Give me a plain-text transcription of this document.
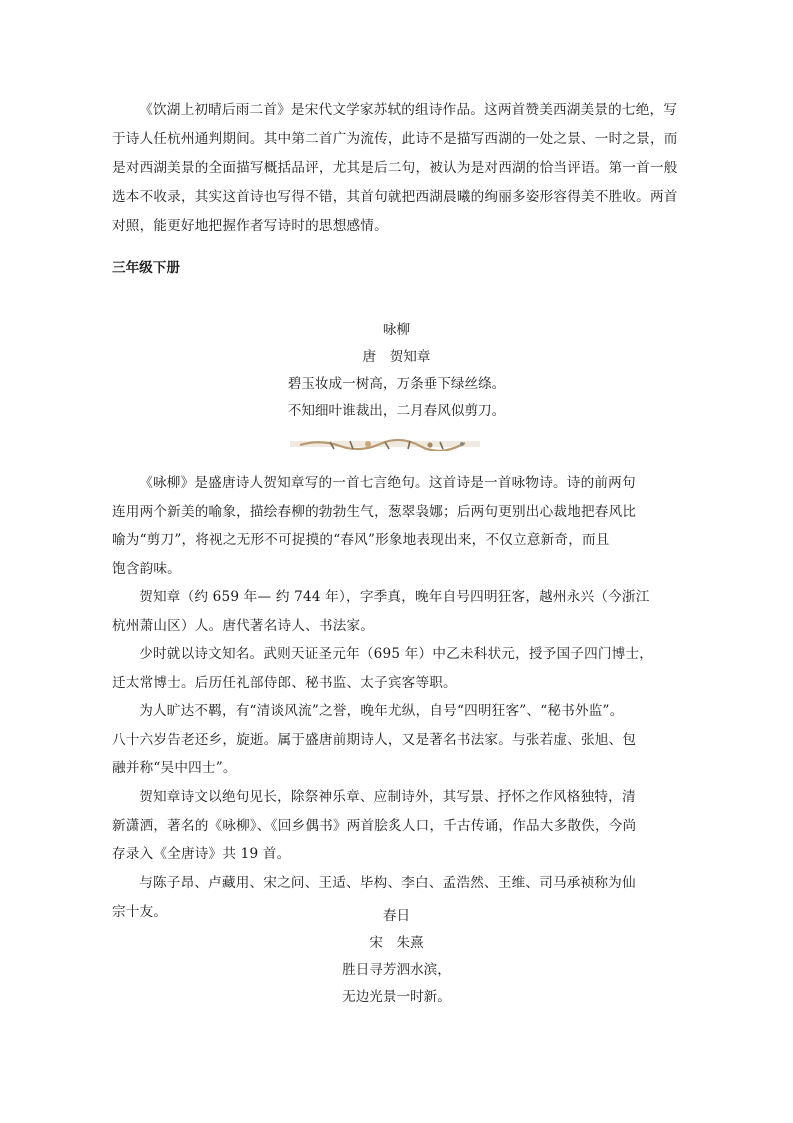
《饮湖上初晴后雨二首》是宋代文学家苏轼的组诗作品。这两首赞美西湖美景的七绝，写于诗人任杭州通判期间。其中第二首广为流传，此诗不是描写西湖的一处之景、一时之景，而是对西湖美景的全面描写概括品评，尤其是后二句，被认为是对西湖的恰当评语。第一首一般选本不收录，其实这首诗也写得不错，其首句就把西湖晨曦的绚丽多姿形容得美不胜收。两首对照，能更好地把握作者写诗时的思想感情。

三年级下册

咏柳

唐　贺知章

碧玉妆成一树高，万条垂下绿丝绦。

不知细叶谁裁出，二月春风似剪刀。

《咏柳》是盛唐诗人贺知章写的一首七言绝句。这首诗是一首咏物诗。诗的前两句
连用两个新美的喻象，描绘春柳的勃勃生气，葱翠袅娜；后两句更别出心裁地把春风比
喻为“剪刀”，将视之无形不可捉摸的“春风”形象地表现出来，不仅立意新奇，而且
饱含韵味。
贺知章（约 659 年— 约 744 年），字季真，晚年自号四明狂客，越州永兴（今浙江
杭州萧山区）人。唐代著名诗人、书法家。
少时就以诗文知名。武则天证圣元年（695 年）中乙未科状元，授予国子四门博士，
迁太常博士。后历任礼部侍郎、秘书监、太子宾客等职。
为人旷达不羁，有“清谈风流”之誉，晚年尤纵，自号“四明狂客”、“秘书外监”。
八十六岁告老还乡，旋逝。属于盛唐前期诗人，又是著名书法家。与张若虚、张旭、包
融并称“吴中四士”。
贺知章诗文以绝句见长，除祭神乐章、应制诗外，其写景、抒怀之作风格独特，清
新潇洒，著名的《咏柳》、《回乡偶书》两首脍炙人口，千古传诵，作品大多散佚，今尚
存录入《全唐诗》共 19 首。
与陈子昂、卢藏用、宋之问、王适、毕构、李白、孟浩然、王维、司马承祯称为仙
宗十友。	春日

宋　朱熹

胜日寻芳泗水滨，

无边光景一时新。
